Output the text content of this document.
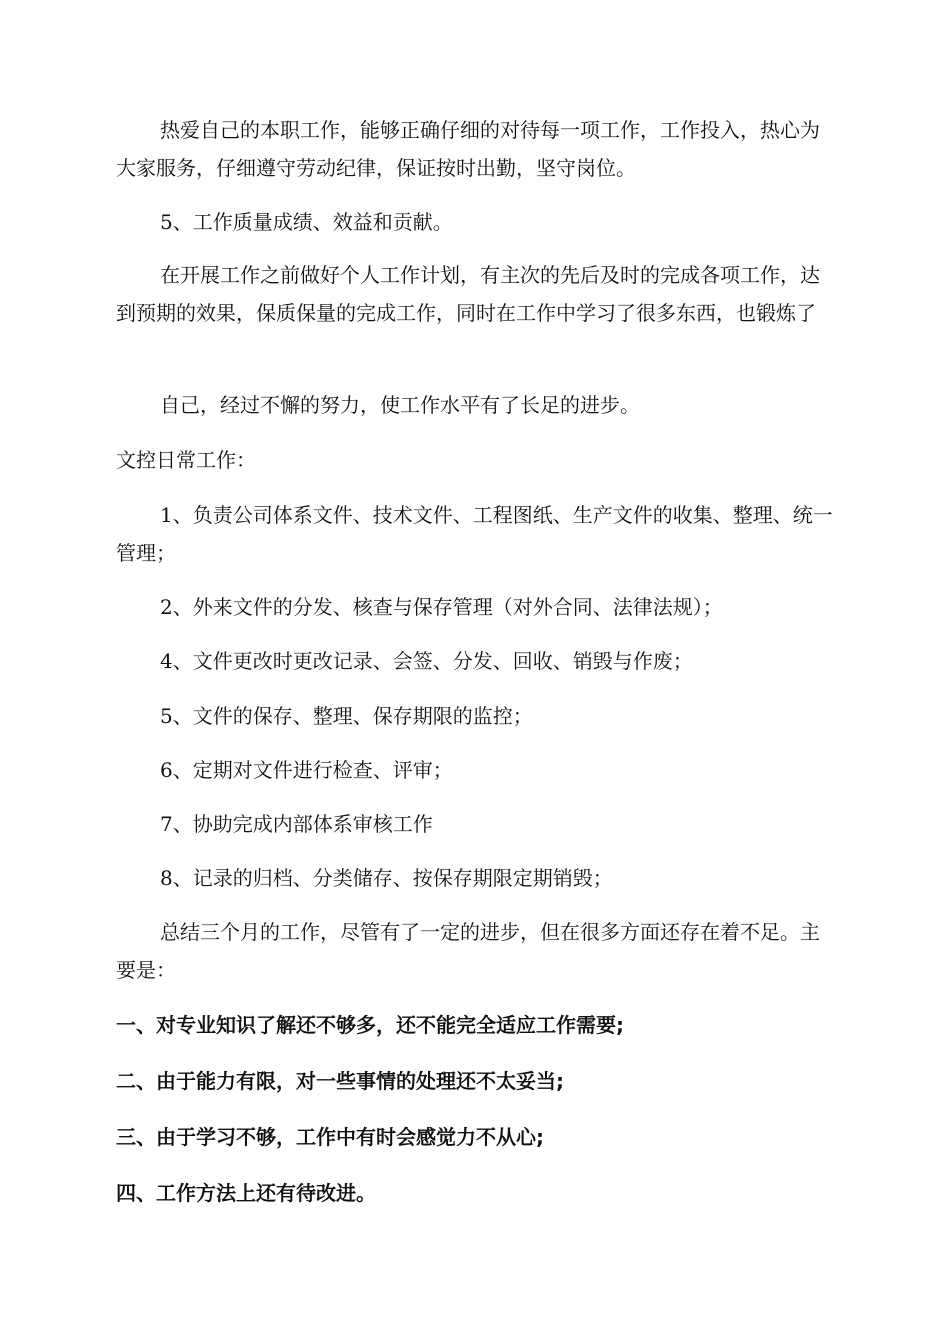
热爱自己的本职工作，能够正确仔细的对待每一项工作，工作投入，热心为大家服务，仔细遵守劳动纪律，保证按时出勤，坚守岗位。

5、工作质量成绩、效益和贡献。

在开展工作之前做好个人工作计划，有主次的先后及时的完成各项工作，达到预期的效果，保质保量的完成工作，同时在工作中学习了很多东西，也锻炼了

自己，经过不懈的努力，使工作水平有了长足的进步。

文控日常工作：

1、负责公司体系文件、技术文件、工程图纸、生产文件的收集、整理、统一管理；

2、外来文件的分发、核查与保存管理（对外合同、法律法规）；

4、文件更改时更改记录、会签、分发、回收、销毁与作废；

5、文件的保存、整理、保存期限的监控；

6、定期对文件进行检查、评审；

7、协助完成内部体系审核工作

8、记录的归档、分类储存、按保存期限定期销毁；

总结三个月的工作，尽管有了一定的进步，但在很多方面还存在着不足。主要是：

一、对专业知识了解还不够多，还不能完全适应工作需要;

二、由于能力有限，对一些事情的处理还不太妥当;

三、由于学习不够，工作中有时会感觉力不从心;

四、工作方法上还有待改进。
